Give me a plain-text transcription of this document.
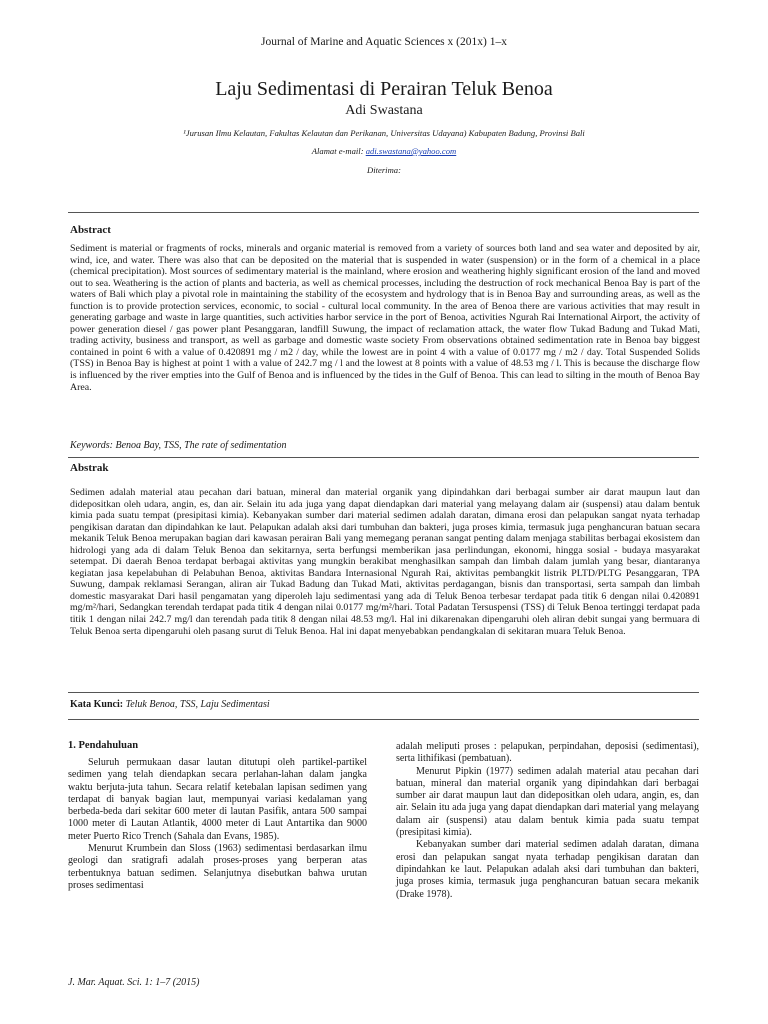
Journal of Marine and Aquatic Sciences x (201x) 1–x
Laju Sedimentasi di Perairan Teluk Benoa
Adi Swastana
¹Jurusan Ilmu Kelautan, Fakultas Kelautan dan Perikanan, Universitas Udayana) Kabupaten Badung, Provinsi Bali
Alamat e-mail: adi.swastana@yahoo.com
Diterima:
Abstract

Sediment is material or fragments of rocks, minerals and organic material is removed from a variety of sources both land and sea water and deposited by air, wind, ice, and water. There was also that can be deposited on the material that is suspended in water (suspension) or in the form of a chemical in a place (chemical precipitation). Most sources of sedimentary material is the mainland, where erosion and weathering highly significant erosion of the land and moved out to sea. Weathering is the action of plants and bacteria, as well as chemical processes, including the destruction of rock mechanical Benoa Bay is part of the waters of Bali which play a pivotal role in maintaining the stability of the ecosystem and hydrology that is in Benoa Bay and surrounding areas, as well as the function is to provide protection services, economic, to social - cultural local community. In the area of Benoa there are various activities that may result in generating garbage and waste in large quantities, such activities harbor service in the port of Benoa, activities Ngurah Rai International Airport, the activity of power generation diesel / gas power plant Pesanggaran, landfill Suwung, the impact of reclamation attack, the water flow Tukad Badung and Tukad Mati, trading activity, business and transport, as well as garbage and domestic waste society From observations obtained sedimentation rate in Benoa bay biggest contained in point 6 with a value of 0.420891 mg / m2 / day, while the lowest are in point 4 with a value of 0.0177 mg / m2 / day. Total Suspended Solids (TSS) in Benoa Bay is highest at point 1 with a value of 242.7 mg / l and the lowest at 8 points with a value of 48.53 mg / l. This is because the discharge flow is influenced by the river empties into the Gulf of Benoa and is influenced by the tides in the Gulf of Benoa. This can lead to silting in the mouth of Benoa Bay Area.

Keywords: Benoa Bay, TSS, The rate of sedimentation
Abstrak

Sedimen adalah material atau pecahan dari batuan, mineral dan material organik yang dipindahkan dari berbagai sumber air darat maupun laut dan didepositkan oleh udara, angin, es, dan air. Selain itu ada juga yang dapat diendapkan dari material yang melayang dalam air (suspensi) atau dalam bentuk kimia pada suatu tempat (presipitasi kimia). Kebanyakan sumber dari material sedimen adalah daratan, dimana erosi dan pelapukan sangat nyata terhadap pengikisan daratan dan dipindahkan ke laut. Pelapukan adalah aksi dari tumbuhan dan bakteri, juga proses kimia, termasuk juga penghancuran batuan secara mekanik Teluk Benoa merupakan bagian dari kawasan perairan Bali yang memegang peranan sangat penting dalam menjaga stabilitas berbagai ekosistem dan hidrologi yang ada di dalam Teluk Benoa dan sekitarnya, serta berfungsi memberikan jasa perlindungan, ekonomi, hingga sosial - budaya masyarakat setempat. Di daerah Benoa terdapat berbagai aktivitas yang mungkin berakibat menghasilkan sampah dan limbah dalam jumlah yang besar, diantaranya kegiatan jasa kepelabuhan di Pelabuhan Benoa, aktivitas Bandara Internasional Ngurah Rai, aktivitas pembangkit listrik PLTD/PLTG Pesanggaran, TPA Suwung, dampak reklamasi Serangan, aliran air Tukad Badung dan Tukad Mati, aktivitas perdagangan, bisnis dan transportasi, serta sampah dan limbah domestic masyarakat Dari hasil pengamatan yang diperoleh laju sedimentasi yang ada di Teluk Benoa terbesar terdapat pada titik 6 dengan nilai 0.420891 mg/m²/hari, Sedangkan terendah terdapat pada titik 4 dengan nilai 0.0177 mg/m²/hari. Total Padatan Tersuspensi (TSS) di Teluk Benoa tertinggi terdapat pada titik 1 dengan nilai 242.7 mg/l dan terendah pada titik 8 dengan nilai 48.53 mg/l. Hal ini dikarenakan dipengaruhi oleh aliran debit sungai yang bermuara di Teluk Benoa serta dipengaruhi oleh pasang surut di Teluk Benoa. Hal ini dapat menyebabkan pendangkalan di sekitaran muara Teluk Benoa.

Kata Kunci: Teluk Benoa, TSS, Laju Sedimentasi
1. Pendahuluan

Seluruh permukaan dasar lautan ditutupi oleh partikel-partikel sedimen yang telah diendapkan secara perlahan-lahan dalam jangka waktu berjuta-juta tahun. Secara relatif ketebalan lapisan sedimen yang terdapat di banyak bagian laut, mempunyai variasi kedalaman yang berbeda-beda dari sekitar 600 meter di lautan Pasifik, antara 500 sampai 1000 meter di Lautan Atlantik, 4000 meter di Laut Antartika dan 9000 meter Puerto Rico Trench (Sahala dan Evans, 1985).

Menurut Krumbein dan Sloss (1963) sedimentasi berdasarkan ilmu geologi dan sratigrafi adalah proses-proses yang berperan atas terbentuknya batuan sedimen. Selanjutnya disebutkan bahwa urutan proses sedimentasi

adalah meliputi proses : pelapukan, perpindahan, deposisi (sedimentasi), serta lithifikasi (pembatuan).

Menurut Pipkin (1977) sedimen adalah material atau pecahan dari batuan, mineral dan material organik yang dipindahkan dari berbagai sumber air darat maupun laut dan didepositkan oleh udara, angin, es, dan air. Selain itu ada juga yang dapat diendapkan dari material yang melayang dalam air (suspensi) atau dalam bentuk kimia pada suatu tempat (presipitasi kimia).

Kebanyakan sumber dari material sedimen adalah daratan, dimana erosi dan pelapukan sangat nyata terhadap pengikisan daratan dan dipindahkan ke laut. Pelapukan adalah aksi dari tumbuhan dan bakteri, juga proses kimia, termasuk juga penghancuran batuan secara mekanik (Drake 1978).

J. Mar. Aquat. Sci. 1: 1–7 (2015)
